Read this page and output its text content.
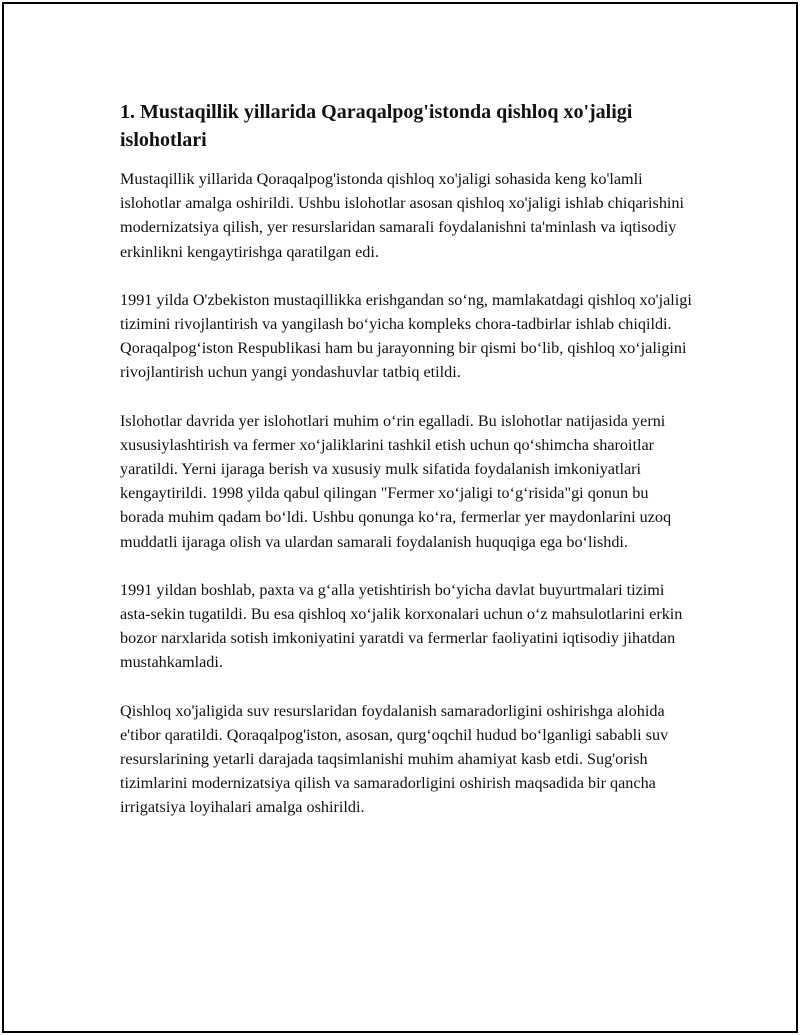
1. Mustaqillik yillarida Qaraqalpog'istonda qishloq xo'jaligi islohotlari

Mustaqillik yillarida Qoraqalpog'istonda qishloq xo'jaligi sohasida keng ko'lamli islohotlar amalga oshirildi. Ushbu islohotlar asosan qishloq xo'jaligi ishlab chiqarishini modernizatsiya qilish, yer resurslaridan samarali foydalanishni ta'minlash va iqtisodiy erkinlikni kengaytirishga qaratilgan edi.

1991 yilda O'zbekiston mustaqillikka erishgandan so‘ng, mamlakatdagi qishloq xo'jaligi tizimini rivojlantirish va yangilash bo‘yicha kompleks chora-tadbirlar ishlab chiqildi. Qoraqalpog‘iston Respublikasi ham bu jarayonning bir qismi bo‘lib, qishloq xo‘jaligini rivojlantirish uchun yangi yondashuvlar tatbiq etildi.

Islohotlar davrida yer islohotlari muhim o‘rin egalladi. Bu islohotlar natijasida yerni xususiylashtirish va fermer xo‘jaliklarini tashkil etish uchun qo‘shimcha sharoitlar yaratildi. Yerni ijaraga berish va xususiy mulk sifatida foydalanish imkoniyatlari kengaytirildi. 1998 yilda qabul qilingan "Fermer xo‘jaligi to‘g‘risida"gi qonun bu borada muhim qadam bo‘ldi. Ushbu qonunga ko‘ra, fermerlar yer maydonlarini uzoq muddatli ijaraga olish va ulardan samarali foydalanish huquqiga ega bo‘lishdi.

1991 yildan boshlab, paxta va g‘alla yetishtirish bo‘yicha davlat buyurtmalari tizimi asta-sekin tugatildi. Bu esa qishloq xo‘jalik korxonalari uchun o‘z mahsulotlarini erkin bozor narxlarida sotish imkoniyatini yaratdi va fermerlar faoliyatini iqtisodiy jihatdan mustahkamladi.

Qishloq xo'jaligida suv resurslaridan foydalanish samaradorligini oshirishga alohida e'tibor qaratildi. Qoraqalpog'iston, asosan, qurg‘oqchil hudud bo‘lganligi sababli suv resurslarining yetarli darajada taqsimlanishi muhim ahamiyat kasb etdi. Sug'orish tizimlarini modernizatsiya qilish va samaradorligini oshirish maqsadida bir qancha irrigatsiya loyihalari amalga oshirildi.
